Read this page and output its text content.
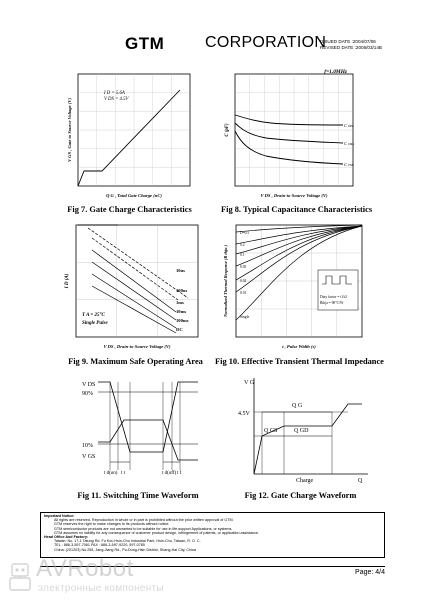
GTM	CORPORATION
ISSUED DATE :2004/07/06
REVISED DATE :2005/03/14B
I D = 5.6A
V DS = 4.5V
Q G , Total Gate Charge (nC)
V GS , Gate to Source Voltage (V)
Fig 7. Gate Charge Characteristics
f=1.0MHz
C iss
C oss
C rss
V DS , Drain-to-Source Voltage (V)
C (pF)
Fig 8. Typical Capacitance Characteristics
10us
100us
1ms
10ms
100ms
DC
T A = 25°C
Single Pulse
V DS , Drain-to-Source Voltage (V)
I D (A)
Fig 9. Maximum Safe Operating Area
Duty factor = t1/t2
Rthja = 90°C/W
D=0.5
0.2
0.1
0.05
0.02
0.01
Single
t , Pulse Width (s)
Normalized Thermal Response (R thja )
Fig 10. Effective Transient Thermal Impedance
V DS
90%
10%
V GS
t d(on) t r	t d(off) t f
Fig 11. Switching Time Waveform
V G
4.5V
Q G
Q GS	Q GD
Charge	Q
Fig 12. Gate Charge Waveform
Important Notice:
All rights are reserved. Reproduction in whole or in part is prohibited without the prior written approval of GTM.
GTM reserves the right to make changes to its products without notice.
GTM semiconductor products are not warranted to be suitable for use in life-support Applications, or systems.
GTM assumes no liability for any consequence of customer product design, infringement of patents, or application assistance.
Head Office And Factory:
Taiwan: No. 17-1 Tatung Rd. Fu Kou Hsin-Chu Industrial Park, Hsin-Chu, Taiwan, R. O. C.
TEL : 886-3-597-7061 FAX : 886-3-597-9220, 597-0785
China: (201203) No.255, Jang-Jiang Rd., Pu-Dung-Hsin District, Shang-Hai City, China
Page: 4/4
AVRobot
электронные компоненты
